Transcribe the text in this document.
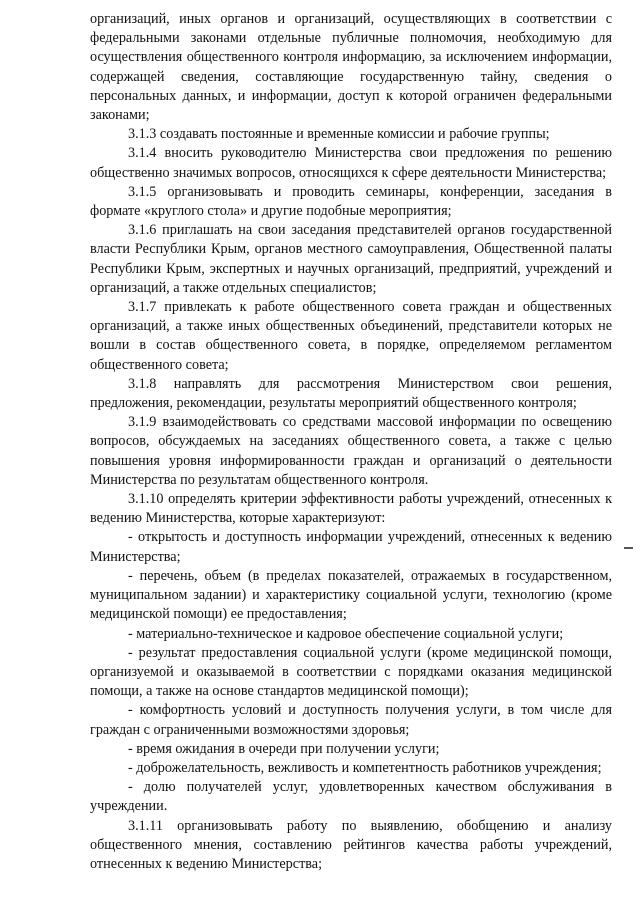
организаций, иных органов и организаций, осуществляющих в соответствии с федеральными законами отдельные публичные полномочия, необходимую для осуществления общественного контроля информацию, за исключением информации, содержащей сведения, составляющие государственную тайну, сведения о персональных данных, и информации, доступ к которой ограничен федеральными законами;

3.1.3 создавать постоянные и временные комиссии и рабочие группы;

3.1.4 вносить руководителю Министерства свои предложения по решению общественно значимых вопросов, относящихся к сфере деятельности Министерства;

3.1.5 организовывать и проводить семинары, конференции, заседания в формате «круглого стола» и другие подобные мероприятия;

3.1.6 приглашать на свои заседания представителей органов государственной власти Республики Крым, органов местного самоуправления, Общественной палаты Республики Крым, экспертных и научных организаций, предприятий, учреждений и организаций, а также отдельных специалистов;

3.1.7 привлекать к работе общественного совета граждан и общественных организаций, а также иных общественных объединений, представители которых не вошли в состав общественного совета, в порядке, определяемом регламентом общественного совета;

3.1.8 направлять для рассмотрения Министерством свои решения, предложения, рекомендации, результаты мероприятий общественного контроля;

3.1.9 взаимодействовать со средствами массовой информации по освещению вопросов, обсуждаемых на заседаниях общественного совета, а также с целью повышения уровня информированности граждан и организаций о деятельности Министерства по результатам общественного контроля.

3.1.10 определять критерии эффективности работы учреждений, отнесенных к ведению Министерства, которые характеризуют:

- открытость и доступность информации учреждений, отнесенных к ведению Министерства;

- перечень, объем (в пределах показателей, отражаемых в государственном, муниципальном задании) и характеристику социальной услуги, технологию (кроме медицинской помощи) ее предоставления;

- материально-техническое и кадровое обеспечение социальной услуги;

- результат предоставления социальной услуги (кроме медицинской помощи, организуемой и оказываемой в соответствии с порядками оказания медицинской помощи, а также на основе стандартов медицинской помощи);

- комфортность условий и доступность получения услуги, в том числе для граждан с ограниченными возможностями здоровья;

- время ожидания в очереди при получении услуги;

- доброжелательность, вежливость и компетентность работников учреждения;

- долю получателей услуг, удовлетворенных качеством обслуживания в учреждении.

3.1.11 организовывать работу по выявлению, обобщению и анализу общественного мнения, составлению рейтингов качества работы учреждений, отнесенных к ведению Министерства;
